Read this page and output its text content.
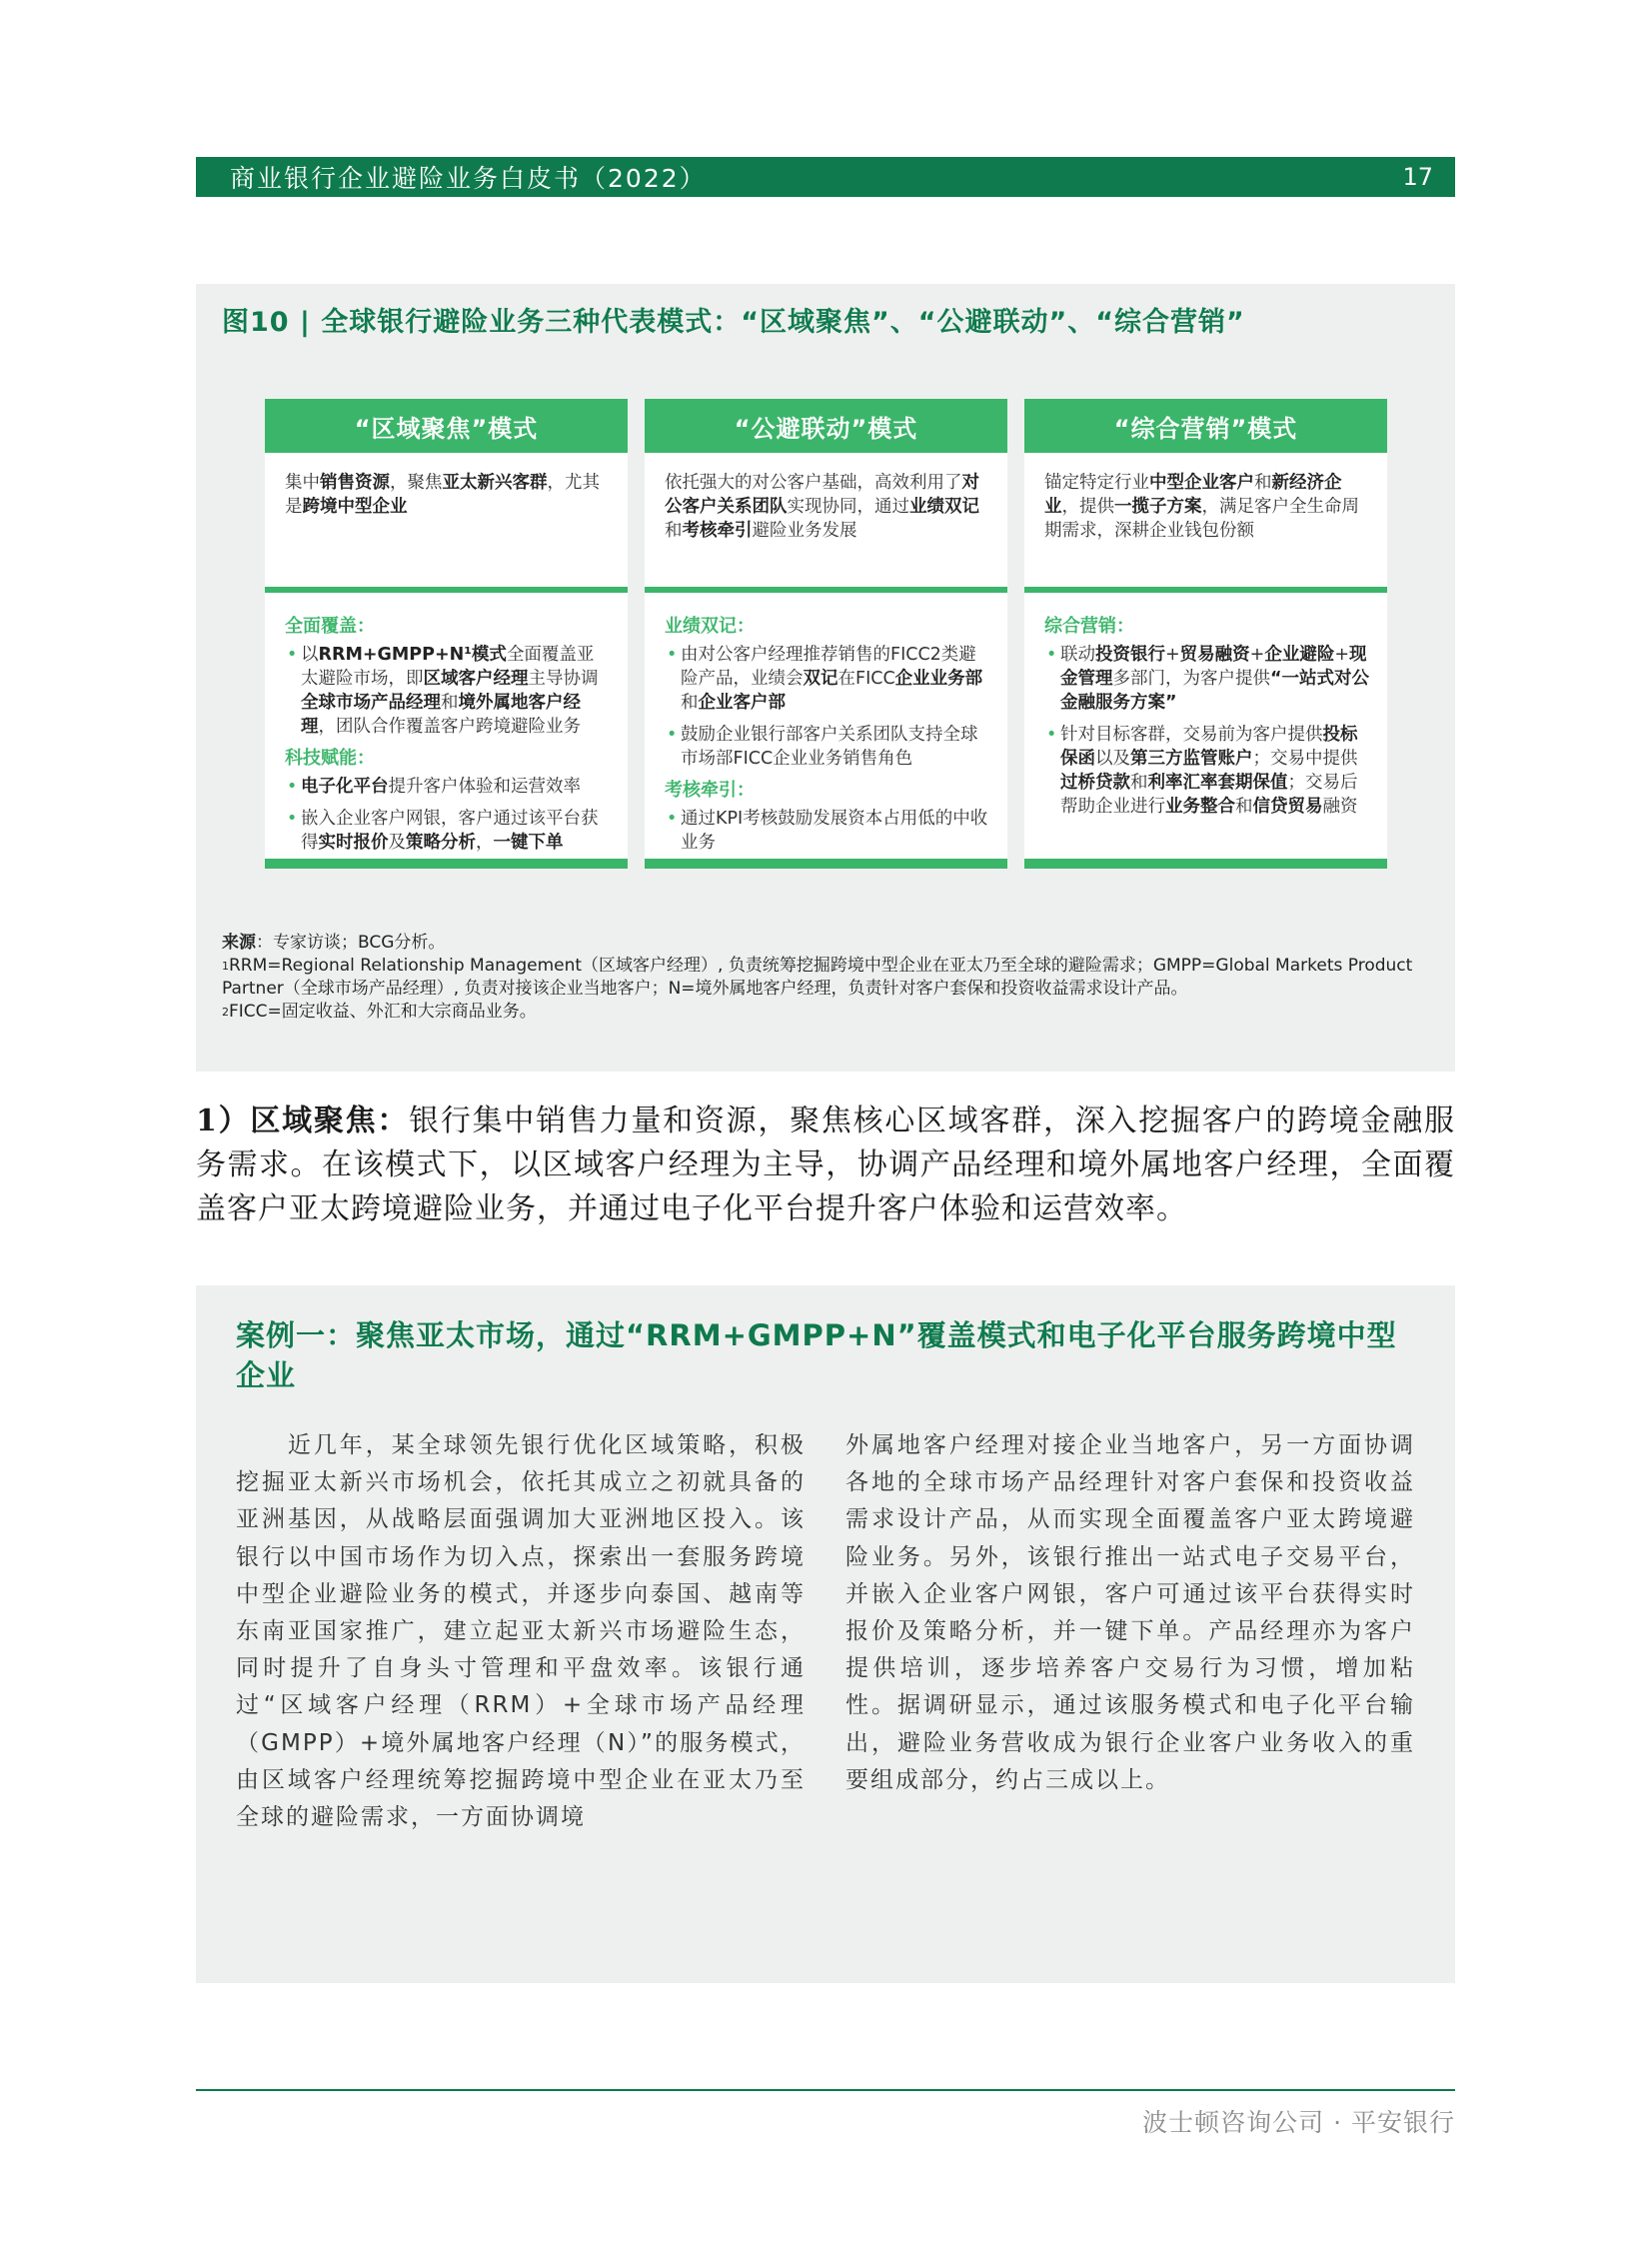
商业银行企业避险业务白皮书（2022）	17
图10 | 全球银行避险业务三种代表模式：“区域聚焦”、“公避联动”、“综合营销”
“区域聚焦”模式
集中销售资源，聚焦亚太新兴客群，尤其是跨境中型企业
全面覆盖：
• 以RRM+GMPP+N¹模式全面覆盖亚太避险市场，即区域客户经理主导协调全球市场产品经理和境外属地客户经理，团队合作覆盖客户跨境避险业务
科技赋能：
• 电子化平台提升客户体验和运营效率
• 嵌入企业客户网银，客户通过该平台获得实时报价及策略分析，一键下单
“公避联动”模式
依托强大的对公客户基础，高效利用了对公客户关系团队实现协同，通过业绩双记和考核牵引避险业务发展
业绩双记：
• 由对公客户经理推荐销售的FICC2类避险产品，业绩会双记在FICC企业业务部和企业客户部
• 鼓励企业银行部客户关系团队支持全球市场部FICC企业业务销售角色
考核牵引：
• 通过KPI考核鼓励发展资本占用低的中收业务
“综合营销”模式
锚定特定行业中型企业客户和新经济企业，提供一揽子方案，满足客户全生命周期需求，深耕企业钱包份额
综合营销：
• 联动投资银行+贸易融资+企业避险+现金管理多部门，为客户提供“一站式对公金融服务方案”
• 针对目标客群，交易前为客户提供投标保函以及第三方监管账户；交易中提供过桥贷款和利率汇率套期保值；交易后帮助企业进行业务整合和信贷贸易融资
来源：专家访谈；BCG分析。
$^1$RRM=Regional Relationship Management（区域客户经理）, 负责统筹挖掘跨境中型企业在亚太乃至全球的避险需求；GMPP=Global Markets Product Partner（全球市场产品经理）, 负责对接该企业当地客户；N=境外属地客户经理，负责针对客户套保和投资收益需求设计产品。
$^2$FICC=固定收益、外汇和大宗商品业务。
1）区域聚焦：银行集中销售力量和资源，聚焦核心区域客群，深入挖掘客户的跨境金融服务需求。在该模式下，以区域客户经理为主导，协调产品经理和境外属地客户经理，全面覆盖客户亚太跨境避险业务，并通过电子化平台提升客户体验和运营效率。
案例一：聚焦亚太市场，通过“RRM+GMPP+N”覆盖模式和电子化平台服务跨境中型企业
　　近几年，某全球领先银行优化区域策略，积极挖掘亚太新兴市场机会，依托其成立之初就具备的亚洲基因，从战略层面强调加大亚洲地区投入。该银行以中国市场作为切入点，探索出一套服务跨境中型企业避险业务的模式，并逐步向泰国、越南等东南亚国家推广，建立起亚太新兴市场避险生态，同时提升了自身头寸管理和平盘效率。该银行通过“区域客户经理（RRM）+全球市场产品经理（GMPP）+境外属地客户经理（N）”的服务模式，由区域客户经理统筹挖掘跨境中型企业在亚太乃至全球的避险需求，一方面协调境
外属地客户经理对接企业当地客户，另一方面协调各地的全球市场产品经理针对客户套保和投资收益需求设计产品，从而实现全面覆盖客户亚太跨境避险业务。另外，该银行推出一站式电子交易平台，并嵌入企业客户网银，客户可通过该平台获得实时报价及策略分析，并一键下单。产品经理亦为客户提供培训，逐步培养客户交易行为习惯，增加粘性。据调研显示，通过该服务模式和电子化平台输出，避险业务营收成为银行企业客户业务收入的重要组成部分，约占三成以上。
波士顿咨询公司 · 平安银行
